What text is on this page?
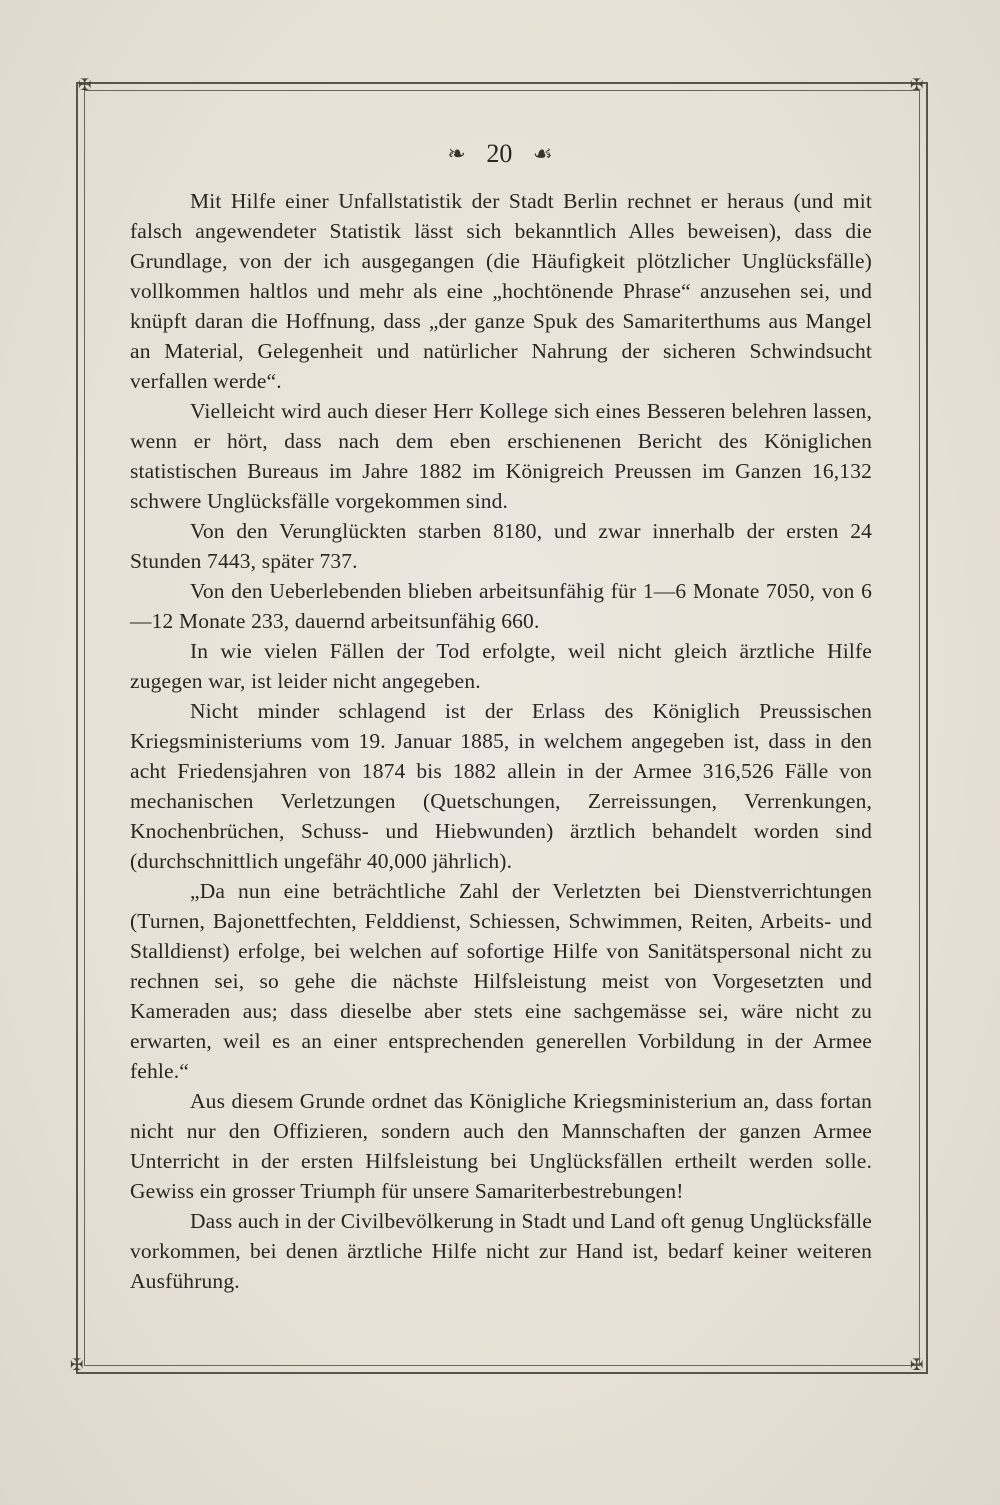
✠	✠
✠	✠
❧ 20 ☙

Mit Hilfe einer Unfallstatistik der Stadt Berlin rechnet er heraus (und mit falsch angewendeter Statistik lässt sich bekanntlich Alles beweisen), dass die Grundlage, von der ich ausgegangen (die Häufigkeit plötzlicher Unglücksfälle) vollkommen haltlos und mehr als eine „hochtönende Phrase“ anzusehen sei, und knüpft daran die Hoffnung, dass „der ganze Spuk des Samariterthums aus Mangel an Material, Gelegenheit und natürlicher Nahrung der sicheren Schwindsucht verfallen werde“.

Vielleicht wird auch dieser Herr Kollege sich eines Besseren belehren lassen, wenn er hört, dass nach dem eben erschienenen Bericht des Königlichen statistischen Bureaus im Jahre 1882 im Königreich Preussen im Ganzen 16,132 schwere Unglücksfälle vorgekommen sind.

Von den Verunglückten starben 8180, und zwar innerhalb der ersten 24 Stunden 7443, später 737.

Von den Ueberlebenden blieben arbeitsunfähig für 1—6 Monate 7050, von 6—12 Monate 233, dauernd arbeitsunfähig 660.

In wie vielen Fällen der Tod erfolgte, weil nicht gleich ärztliche Hilfe zugegen war, ist leider nicht angegeben.

Nicht minder schlagend ist der Erlass des Königlich Preussischen Kriegsministeriums vom 19. Januar 1885, in welchem angegeben ist, dass in den acht Friedensjahren von 1874 bis 1882 allein in der Armee 316,526 Fälle von mechanischen Verletzungen (Quetschungen, Zerreissungen, Verrenkungen, Knochenbrüchen, Schuss- und Hiebwunden) ärztlich behandelt worden sind (durchschnittlich ungefähr 40,000 jährlich).

„Da nun eine beträchtliche Zahl der Verletzten bei Dienstverrichtungen (Turnen, Bajonettfechten, Felddienst, Schiessen, Schwimmen, Reiten, Arbeits- und Stalldienst) erfolge, bei welchen auf sofortige Hilfe von Sanitätspersonal nicht zu rechnen sei, so gehe die nächste Hilfsleistung meist von Vorgesetzten und Kameraden aus; dass dieselbe aber stets eine sachgemässe sei, wäre nicht zu erwarten, weil es an einer entsprechenden generellen Vorbildung in der Armee fehle.“

Aus diesem Grunde ordnet das Königliche Kriegsministerium an, dass fortan nicht nur den Offizieren, sondern auch den Mannschaften der ganzen Armee Unterricht in der ersten Hilfsleistung bei Unglücksfällen ertheilt werden solle. Gewiss ein grosser Triumph für unsere Samariterbestrebungen!

Dass auch in der Civilbevölkerung in Stadt und Land oft genug Unglücksfälle vorkommen, bei denen ärztliche Hilfe nicht zur Hand ist, bedarf keiner weiteren Ausführung.
